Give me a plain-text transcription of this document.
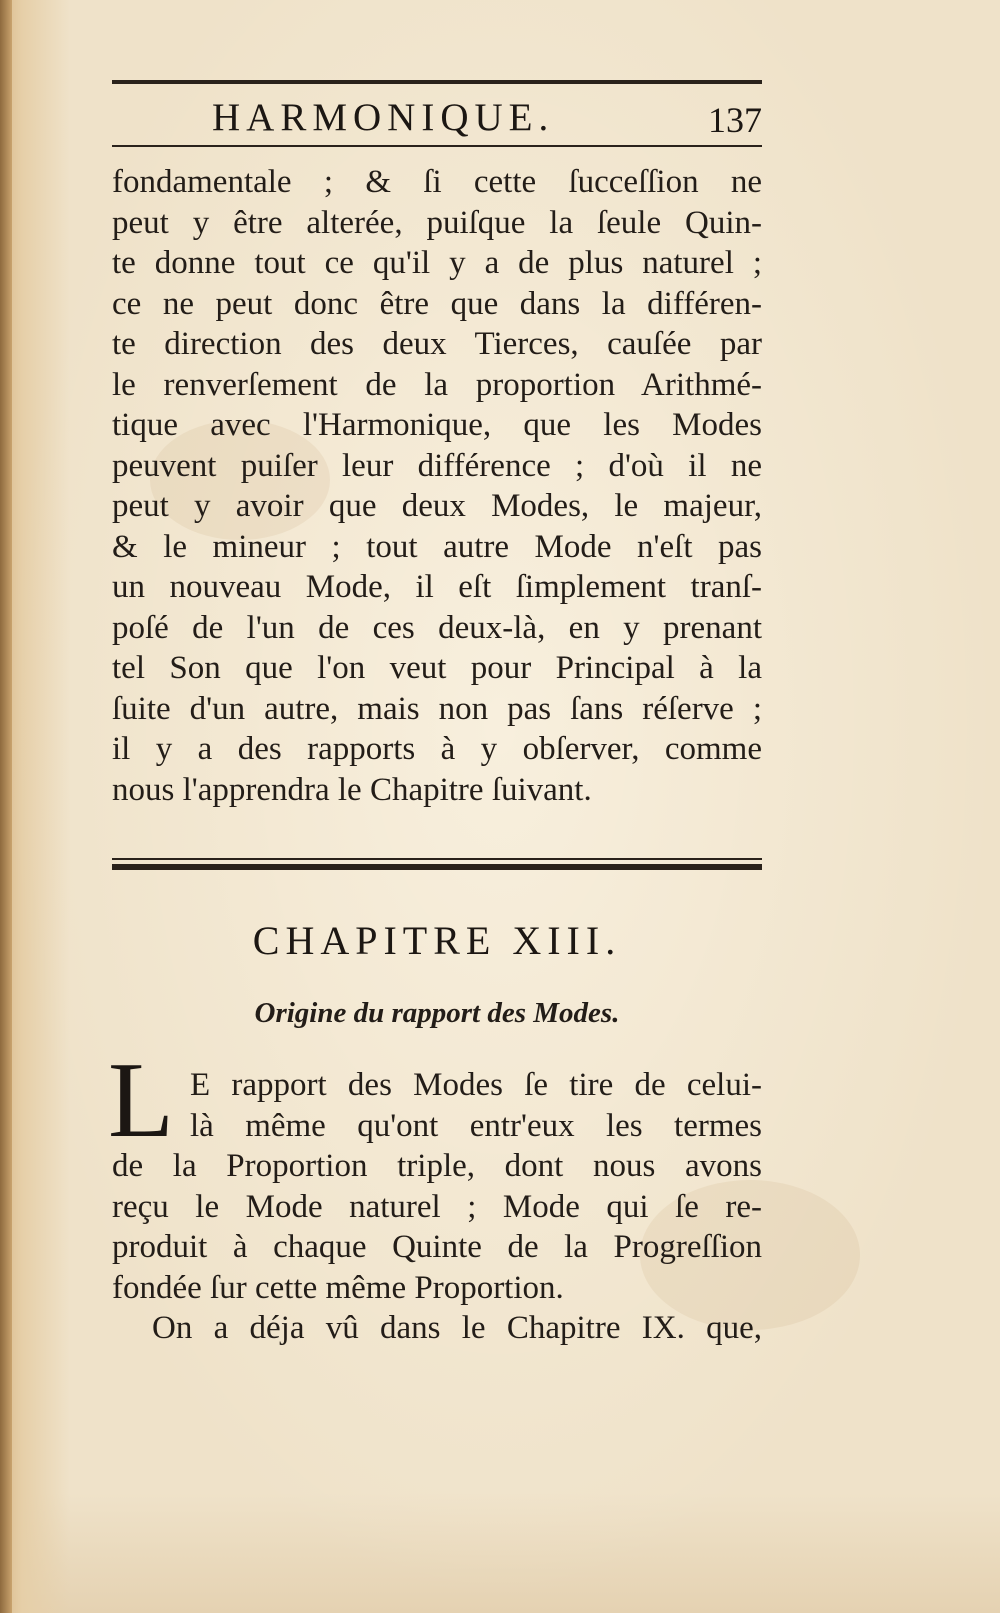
HARMONIQUE.	137
fondamentale ; & ſi cette ſucceſſion ne
peut y être alterée, puiſque la ſeule Quin-
te donne tout ce qu'il y a de plus naturel ;
ce ne peut donc être que dans la différen-
te direction des deux Tierces, cauſée par
le renverſement de la proportion Arithmé-
tique avec l'Harmonique, que les Modes
peuvent puiſer leur différence ; d'où il ne
peut y avoir que deux Modes, le majeur,
& le mineur ; tout autre Mode n'eſt pas
un nouveau Mode, il eſt ſimplement tranſ-
poſé de l'un de ces deux-là, en y prenant
tel Son que l'on veut pour Principal à la
ſuite d'un autre, mais non pas ſans réſerve ;
il y a des rapports à y obſerver, comme
nous l'apprendra le Chapitre ſuivant.
CHAPITRE XIII.
Origine du rapport des Modes.
L E rapport des Modes ſe tire de celui-
là même qu'ont entr'eux les termes
de la Proportion triple, dont nous avons
reçu le Mode naturel ; Mode qui ſe re-
produit à chaque Quinte de la Progreſſion
fondée ſur cette même Proportion.
On a déja vû dans le Chapitre IX. que,
